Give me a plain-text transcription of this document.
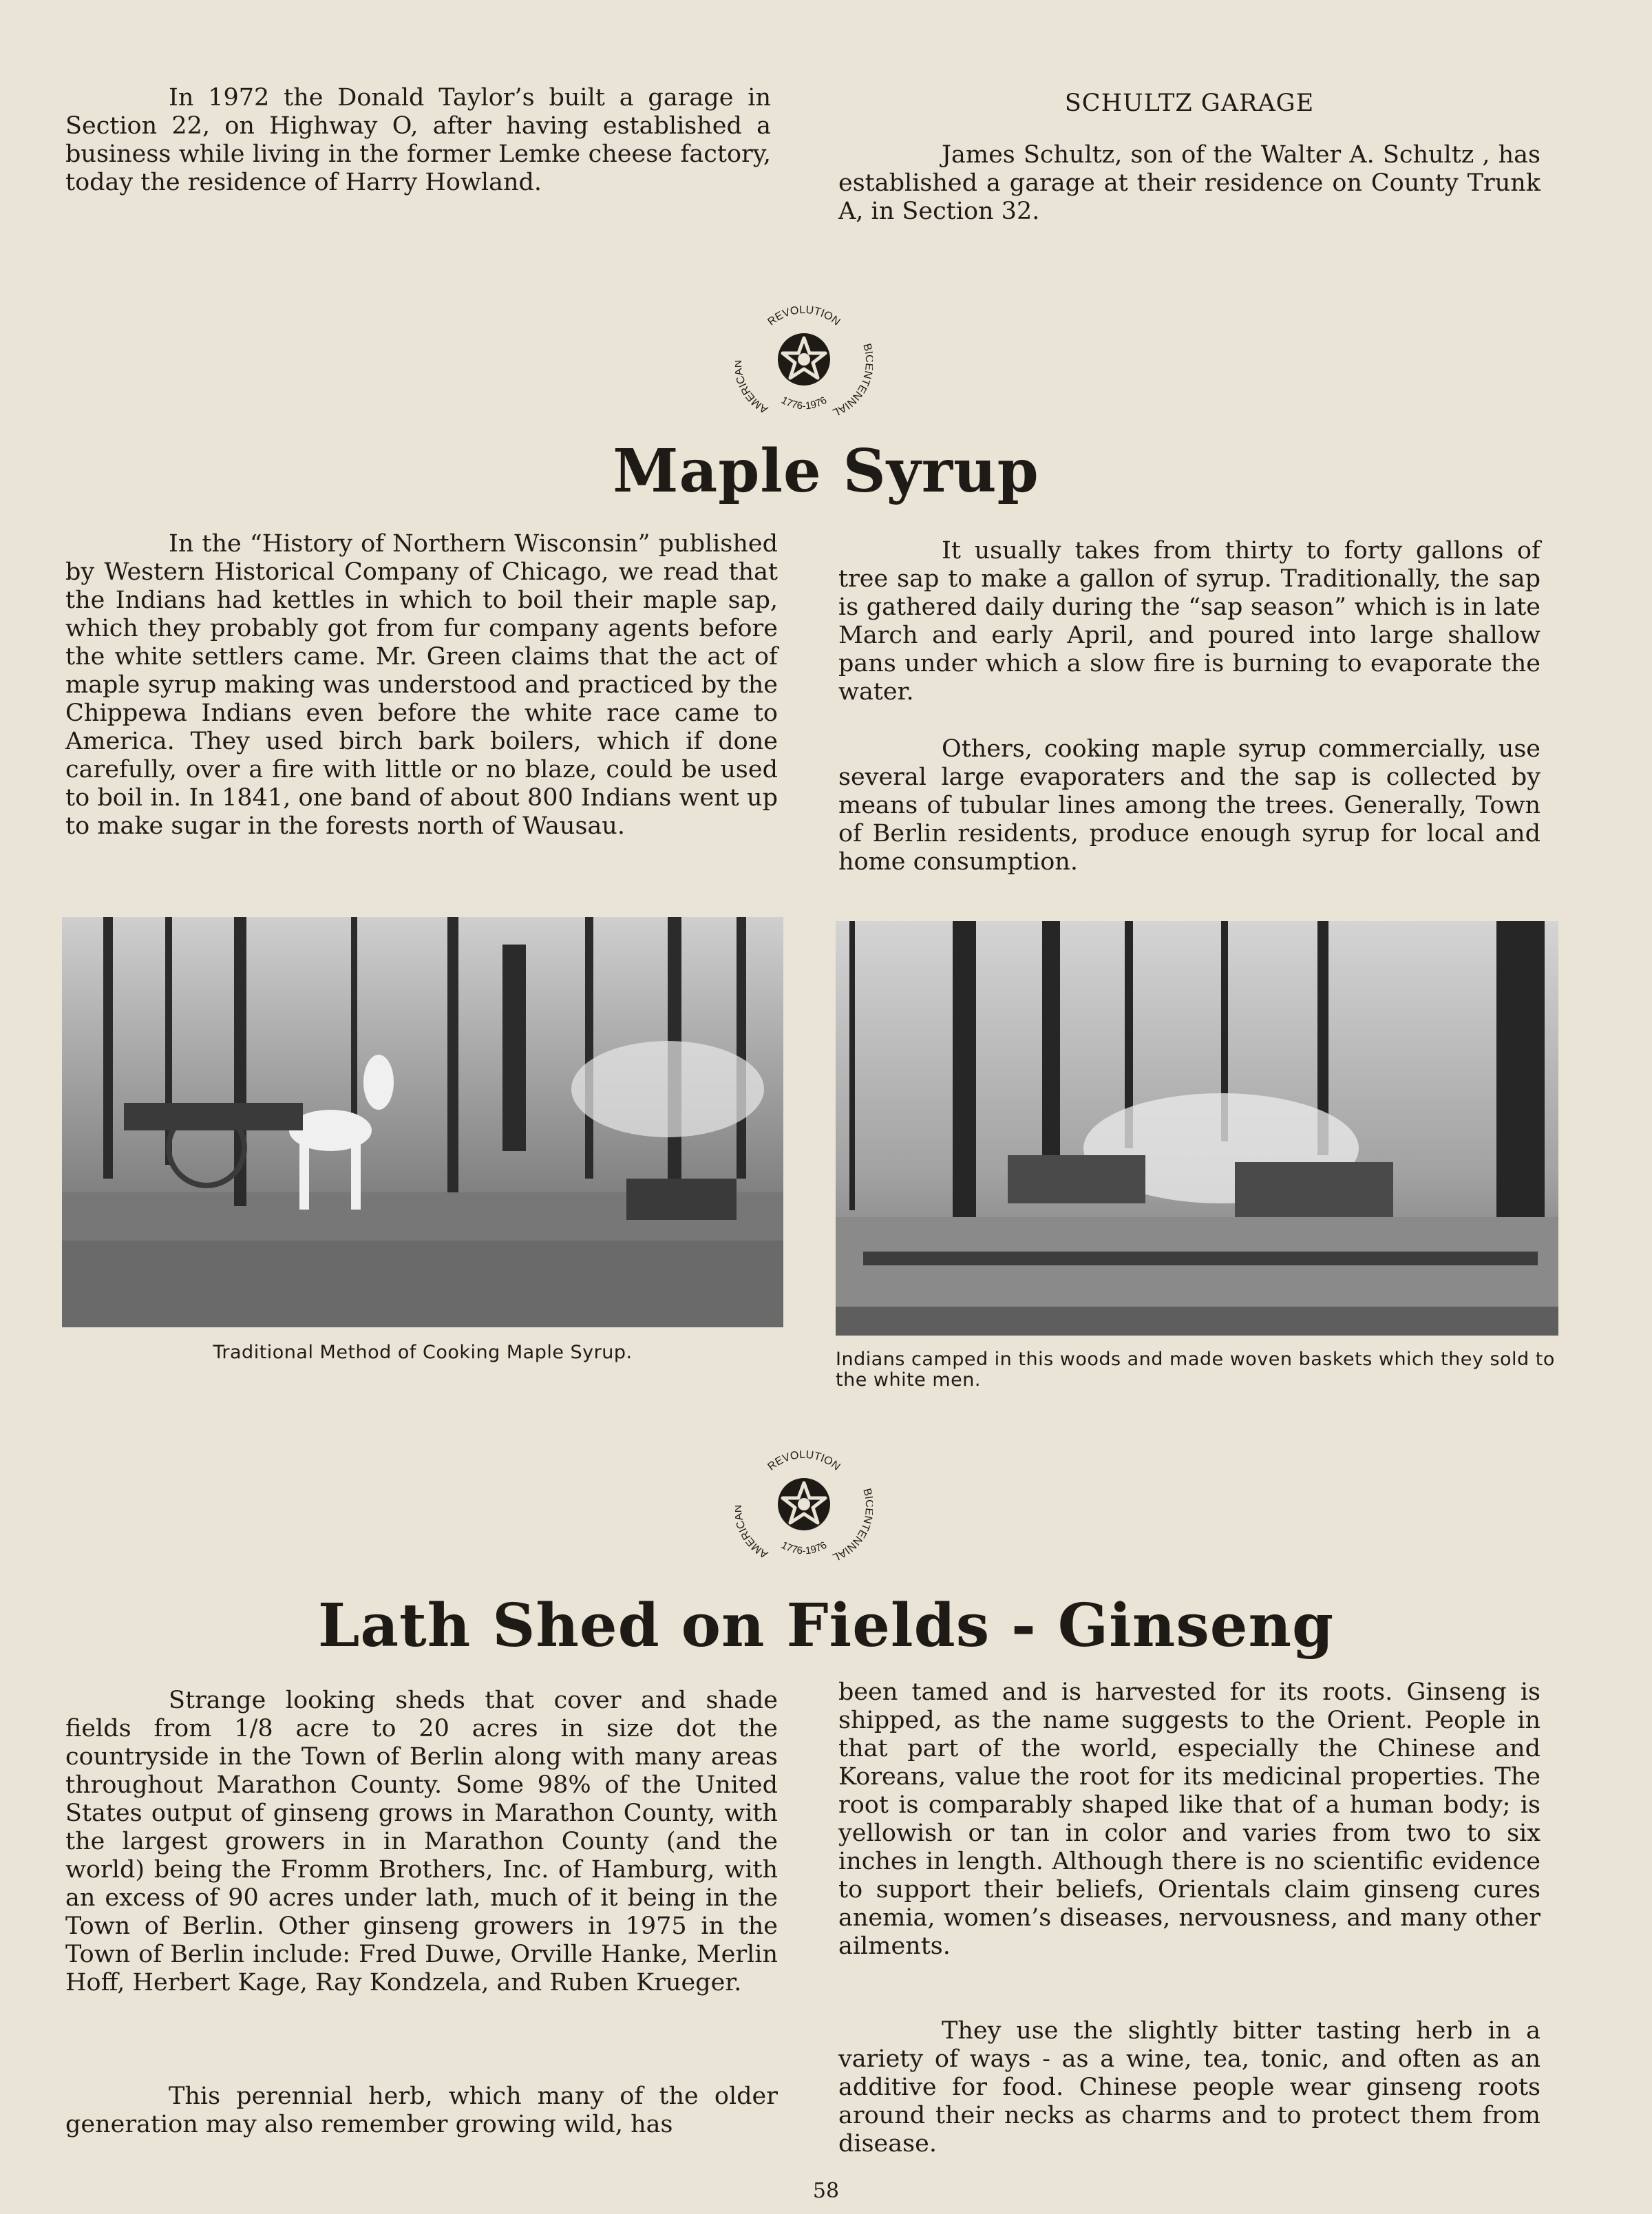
In 1972 the Donald Taylor’s built a garage in Section 22, on Highway O, after having established a business while living in the former Lemke cheese factory, today the residence of Harry Howland.

SCHULTZ GARAGE

James Schultz, son of the Walter A. Schultz , has established a garage at their residence on County Trunk A, in Section 32.

REVOLUTION
AMERIC
B NTENNIAL
1776-1976
Maple Syrup

In the “History of Northern Wisconsin” published by Western Historical Company of Chicago, we read that the Indians had kettles in which to boil their maple sap, which they probably got from fur company agents before the white settlers came. Mr. Green claims that the act of maple syrup making was understood and practiced by the Chippewa Indians even before the white race came to America. They used birch bark boilers, which if done carefully, over a fire with little or no blaze, could be used to boil in. In 1841, one band of about 800 Indians went up to make sugar in the forests north of Wausau.

It usually takes from thirty to forty gallons of tree sap to make a gallon of syrup. Traditionally, the sap is gathered daily during the “sap season” which is in late March and early April, and poured into large shallow pans under which a slow fire is burning to evaporate the water.

Others, cooking maple syrup commercially, use several large evaporaters and the sap is collected by means of tubular lines among the trees. Generally, Town of Berlin residents, produce enough syrup for local and home consumption.

Traditional Method of Cooking Maple Syrup.	Indians camped in this woods and made woven baskets which they sold to the white men.

REVOLUTION
AMERIC
B NTENNIAL
1776-1976
Lath Shed on Fields - Ginseng

Strange looking sheds that cover and shade fields from 1/8 acre to 20 acres in size dot the countryside in the Town of Berlin along with many areas throughout Marathon County. Some 98% of the United States output of ginseng grows in Marathon County, with the largest growers in in Marathon County (and the world) being the Fromm Brothers, Inc. of Hamburg, with an excess of 90 acres under lath, much of it being in the Town of Berlin. Other ginseng growers in 1975 in the Town of Berlin include: Fred Duwe, Orville Hanke, Merlin Hoff, Herbert Kage, Ray Kondzela, and Ruben Krueger.

This perennial herb, which many of the older generation may also remember growing wild, has

been tamed and is harvested for its roots. Ginseng is shipped, as the name suggests to the Orient. People in that part of the world, especially the Chinese and Koreans, value the root for its medicinal properties. The root is comparably shaped like that of a human body; is yellowish or tan in color and varies from two to six inches in length. Although there is no scientific evidence to support their beliefs, Orientals claim ginseng cures anemia, women’s diseases, nervousness, and many other ailments.

They use the slightly bitter tasting herb in a variety of ways - as a wine, tea, tonic, and often as an additive for food. Chinese people wear ginseng roots around their necks as charms and to protect them from disease.

58
